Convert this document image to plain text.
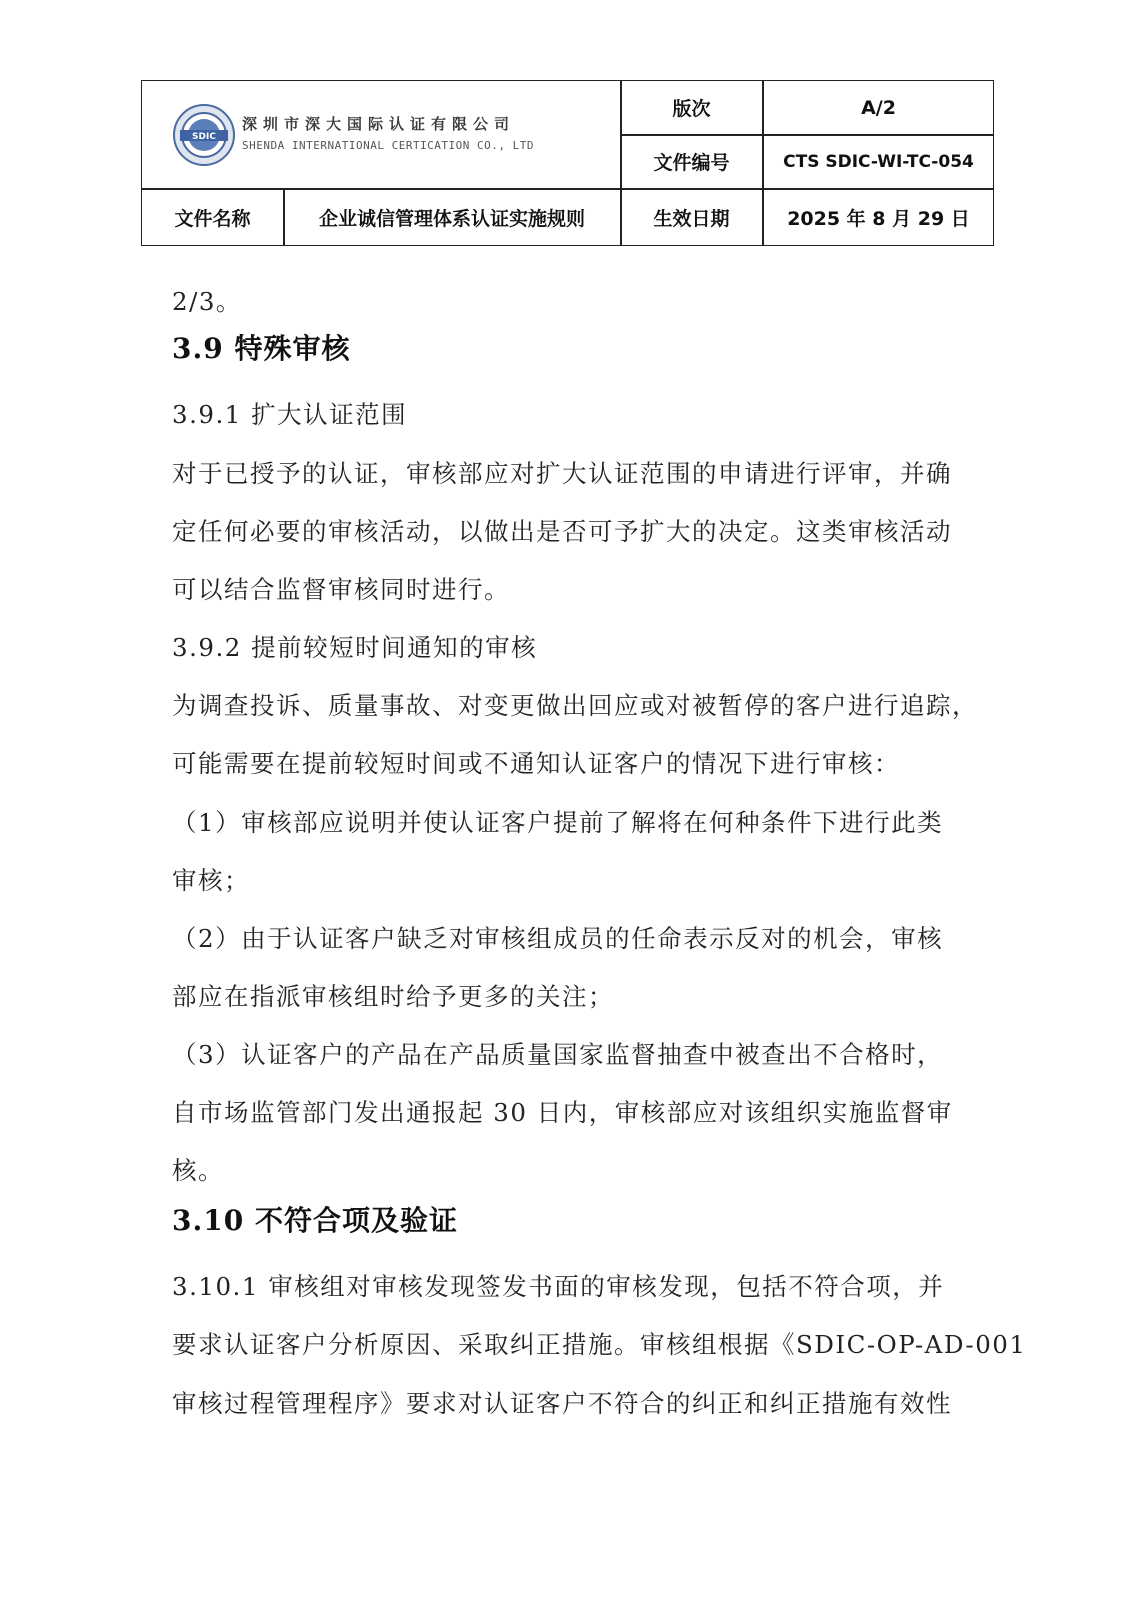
SDIC
深圳市深大国际认证有限公司
SHENDA INTERNATIONAL CERTICATION CO., LTD
版次	A/2
文件编号	CTS SDIC-WI-TC-054
文件名称	企业诚信管理体系认证实施规则	生效日期	2025 年 8 月 29 日
2/3。
3.9 特殊审核
3.9.1 扩大认证范围
对于已授予的认证，审核部应对扩大认证范围的申请进行评审，并确
定任何必要的审核活动，以做出是否可予扩大的决定。这类审核活动
可以结合监督审核同时进行。
3.9.2 提前较短时间通知的审核
为调查投诉、质量事故、对变更做出回应或对被暂停的客户进行追踪，
可能需要在提前较短时间或不通知认证客户的情况下进行审核：
（1）审核部应说明并使认证客户提前了解将在何种条件下进行此类
审核；
（2）由于认证客户缺乏对审核组成员的任命表示反对的机会，审核
部应在指派审核组时给予更多的关注；
（3）认证客户的产品在产品质量国家监督抽查中被查出不合格时，
自市场监管部门发出通报起 30 日内，审核部应对该组织实施监督审
核。
3.10 不符合项及验证
3.10.1 审核组对审核发现签发书面的审核发现，包括不符合项，并
要求认证客户分析原因、采取纠正措施。审核组根据《SDIC-OP-AD-001
审核过程管理程序》要求对认证客户不符合的纠正和纠正措施有效性
